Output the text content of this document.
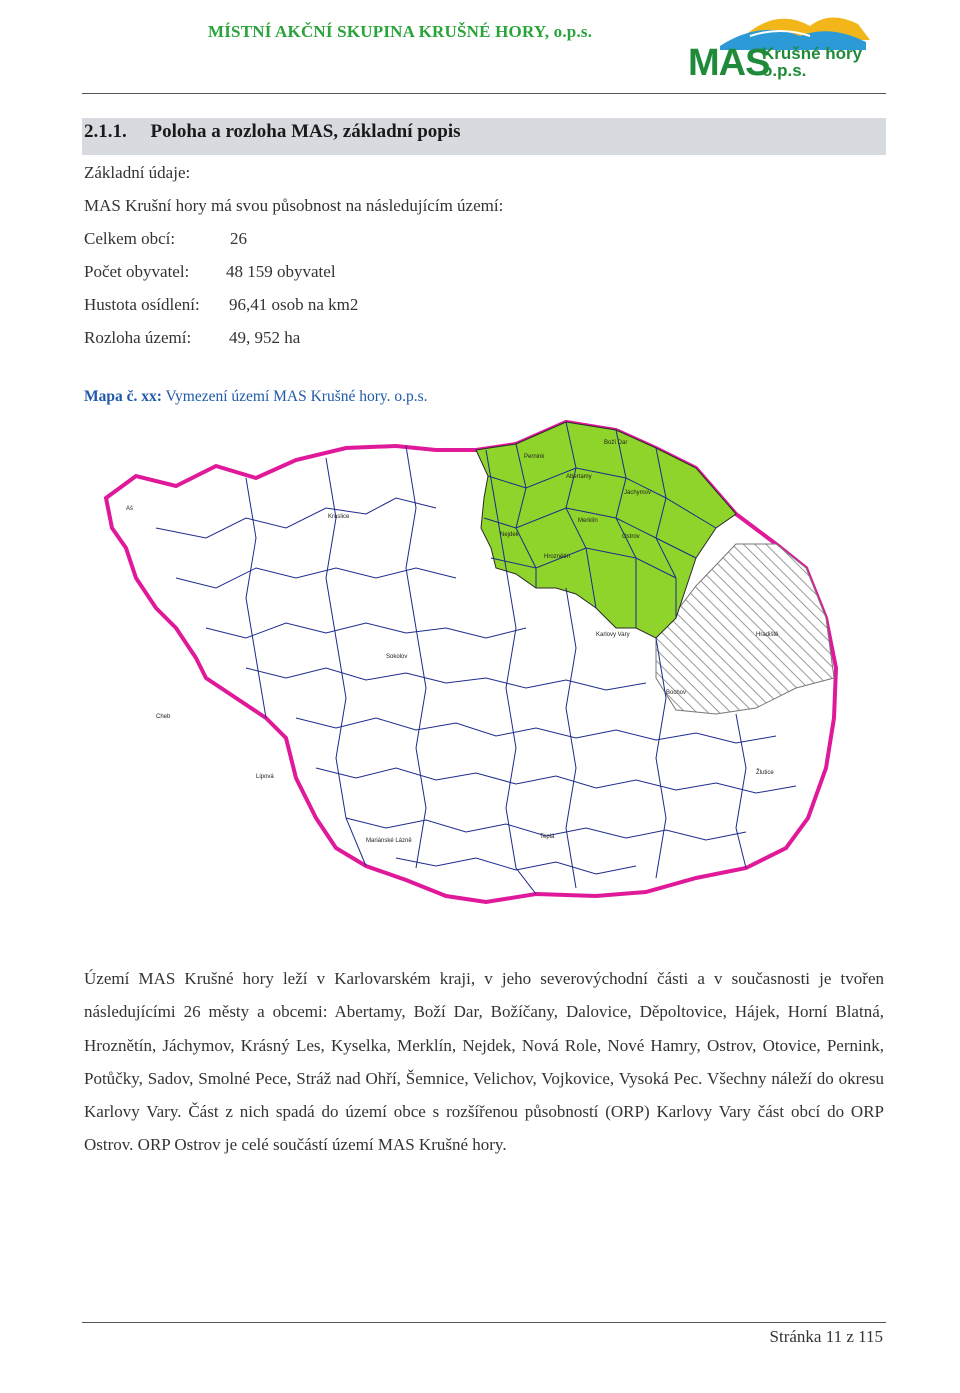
MÍSTNÍ AKČNÍ SKUPINA KRUŠNÉ HORY, o.p.s.
MAS
Krušné hory
o.p.s.
2.1.1. Poloha a rozloha MAS, základní popis
Základní údaje:
MAS Krušní hory má svou působnost na následujícím území:
Celkem obcí:	26
Počet obyvatel: 48 159 obyvatel
Hustota osídlení: 96,41 osob na km2
Rozloha území: 49, 952 ha
Mapa č. xx: Vymezení území MAS Krušné hory. o.p.s.
Pernink
Abertamy
Boží Dar
Jáchymov
Merklín
Ostrov
Hroznětín
Nejdek
Karlovy Vary
Cheb
Sokolov
Lipová
Bochov
Žlutice
Teplá
Kraslice
Aš
Mariánské Lázně
Hradiště
Území MAS Krušné hory leží v Karlovarském kraji, v jeho severovýchodní části a v současnosti je tvořen následujícími 26 městy a obcemi: Abertamy, Boží Dar, Božíčany, Dalovice, Děpoltovice, Hájek, Horní Blatná, Hroznětín, Jáchymov, Krásný Les, Kyselka, Merklín, Nejdek, Nová Role, Nové Hamry, Ostrov, Otovice, Pernink, Potůčky, Sadov, Smolné Pece, Stráž nad Ohří, Šemnice, Velichov, Vojkovice, Vysoká Pec. Všechny náleží do okresu Karlovy Vary. Část z nich spadá do území obce s rozšířenou působností (ORP) Karlovy Vary část obcí do ORP Ostrov. ORP Ostrov je celé součástí území MAS Krušné hory.
Stránka 11 z 115
